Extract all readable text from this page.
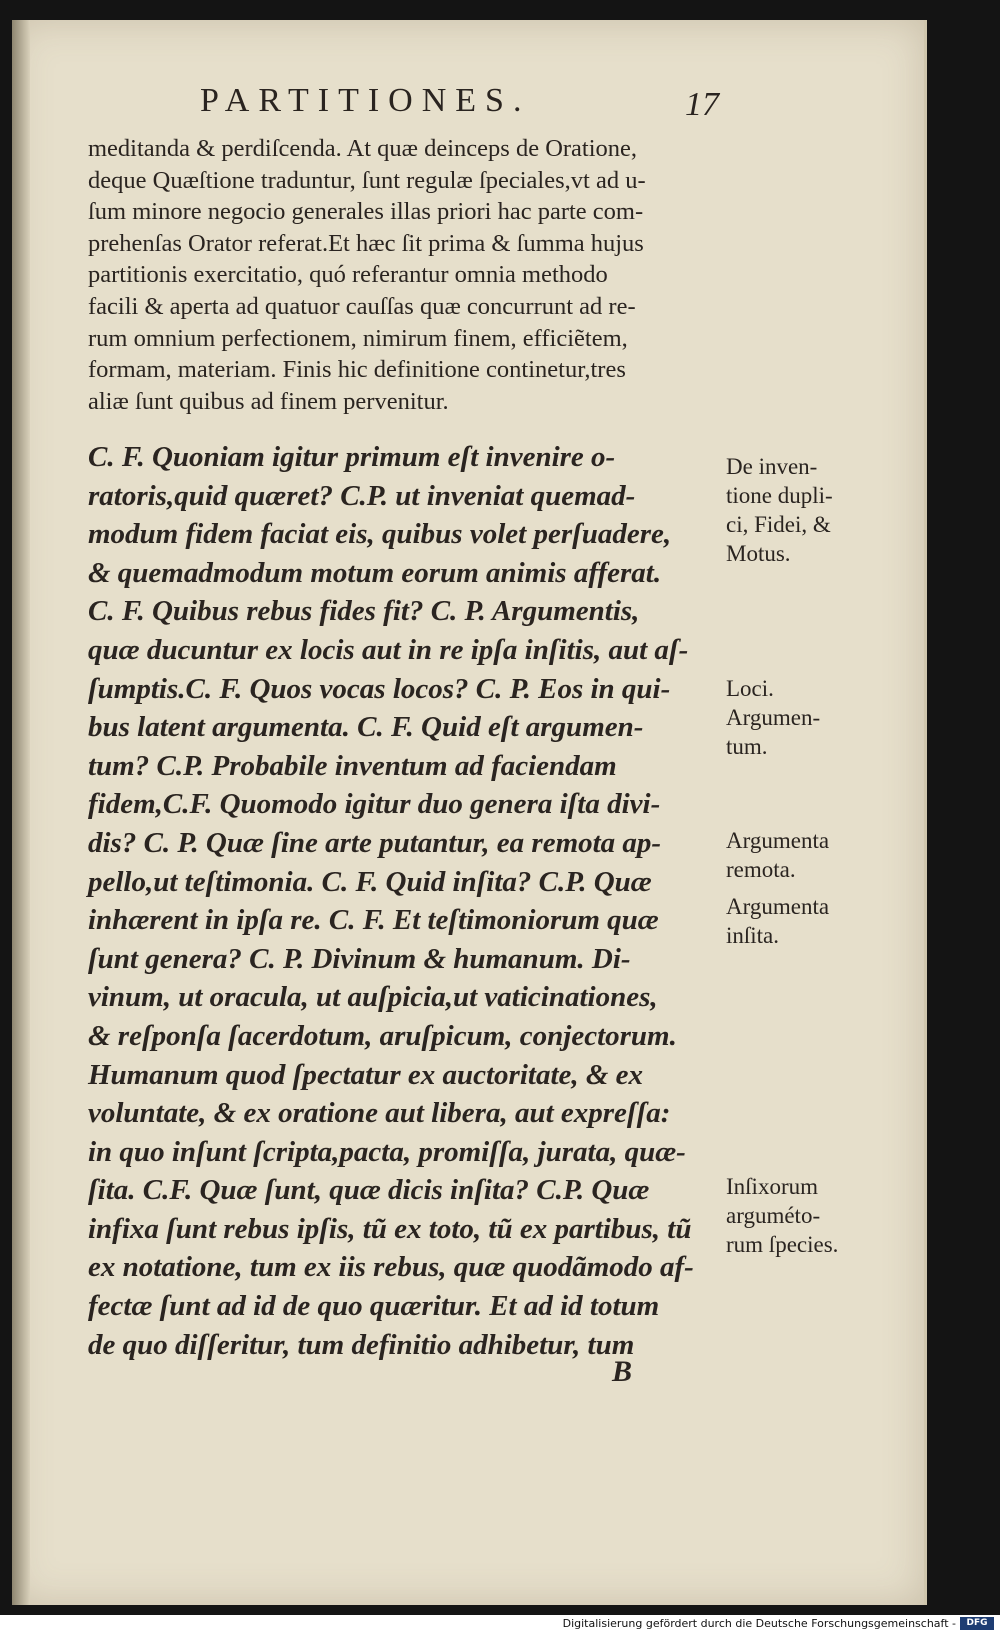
PARTITIONES.	17
meditanda & perdiſcenda. At quæ deinceps de Oratione,
deque Quæſtione traduntur, ſunt regulæ ſpeciales,vt ad u-
ſum minore negocio generales illas priori hac parte com-
prehenſas Orator referat.Et hæc ſit prima & ſumma hujus
partitionis exercitatio, quó referantur omnia methodo
facili & aperta ad quatuor cauſſas quæ concurrunt ad re-
rum omnium perfectionem, nimirum finem, efficiẽtem,
formam, materiam. Finis hic definitione continetur,tres
aliæ ſunt quibus ad finem pervenitur.
C. F. Quoniam igitur primum eſt invenire o-
ratoris,quid quæret? C.P. ut inveniat quemad-
modum fidem faciat eis, quibus volet perſuadere,
& quemadmodum motum eorum animis afferat.
C. F. Quibus rebus fides fit? C. P. Argumentis,
quæ ducuntur ex locis aut in re ipſa inſitis, aut aſ-
ſumptis.C. F. Quos vocas locos? C. P. Eos in qui-
bus latent argumenta. C. F. Quid eſt argumen-
tum? C.P. Probabile inventum ad faciendam
fidem,C.F. Quomodo igitur duo genera iſta divi-
dis? C. P. Quæ ſine arte putantur, ea remota ap-
pello,ut teſtimonia. C. F. Quid inſita? C.P. Quæ
inhærent in ipſa re. C. F. Et teſtimoniorum quæ
ſunt genera? C. P. Divinum & humanum. Di-
vinum, ut oracula, ut auſpicia,ut vaticinationes,
& reſponſa ſacerdotum, aruſpicum, conjectorum.
Humanum quod ſpectatur ex auctoritate, & ex
voluntate, & ex oratione aut libera, aut expreſſa:
in quo inſunt ſcripta,pacta, promiſſa, jurata, quæ-
ſita. C.F. Quæ ſunt, quæ dicis inſita? C.P. Quæ
infixa ſunt rebus ipſis, tũ ex toto, tũ ex partibus, tũ
ex notatione, tum ex iis rebus, quæ quodãmodo af-
fectæ ſunt ad id de quo quæritur. Et ad id totum
de quo diſſeritur, tum definitio adhibetur, tum
De inven-
tione dupli-
ci, Fidei, &
Motus.
Loci.
Argumen-
tum.
Argumenta
remota.
Argumenta
inſita.
Inſixorum
arguméto-
rum ſpecies.
B
Digitalisierung gefördert durch die Deutsche Forschungsgemeinschaft -	DFG
